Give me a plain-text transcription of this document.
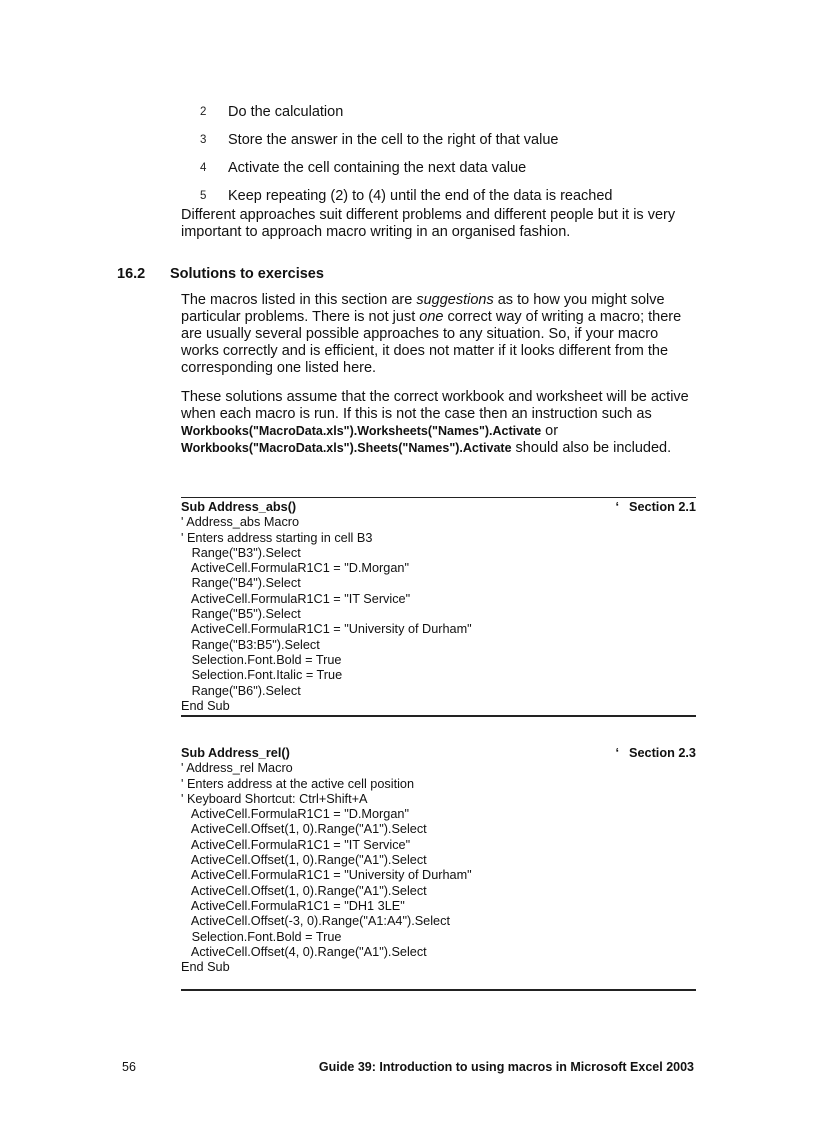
2	Do the calculation
3	Store the answer in the cell to the right of that value
4	Activate the cell containing the next data value
5	Keep repeating (2) to (4) until the end of the data is reached

Different approaches suit different problems and different people but it is very important to approach macro writing in an organised fashion.

16.2 Solutions to exercises

The macros listed in this section are suggestions as to how you might solve particular problems. There is not just one correct way of writing a macro; there are usually several possible approaches to any situation. So, if your macro works correctly and is efficient, it does not matter if it looks different from the corresponding one listed here.

These solutions assume that the correct workbook and worksheet will be active when each macro is run. If this is not the case then an instruction such as Workbooks("MacroData.xls").Worksheets("Names").Activate or Workbooks("MacroData.xls").Sheets("Names").Activate should also be included.

Sub Address_abs()	‘ Section 2.1
' Address_abs Macro
' Enters address starting in cell B3
Range("B3").Select
ActiveCell.FormulaR1C1 = "D.Morgan"
Range("B4").Select
ActiveCell.FormulaR1C1 = "IT Service"
Range("B5").Select
ActiveCell.FormulaR1C1 = "University of Durham"
Range("B3:B5").Select
Selection.Font.Bold = True
Selection.Font.Italic = True
Range("B6").Select
End Sub
Sub Address_rel()	‘ Section 2.3
' Address_rel Macro
' Enters address at the active cell position
' Keyboard Shortcut: Ctrl+Shift+A
ActiveCell.FormulaR1C1 = "D.Morgan"
ActiveCell.Offset(1, 0).Range("A1").Select
ActiveCell.FormulaR1C1 = "IT Service"
ActiveCell.Offset(1, 0).Range("A1").Select
ActiveCell.FormulaR1C1 = "University of Durham"
ActiveCell.Offset(1, 0).Range("A1").Select
ActiveCell.FormulaR1C1 = "DH1 3LE"
ActiveCell.Offset(-3, 0).Range("A1:A4").Select
Selection.Font.Bold = True
ActiveCell.Offset(4, 0).Range("A1").Select
End Sub
56	Guide 39: Introduction to using macros in Microsoft Excel 2003
